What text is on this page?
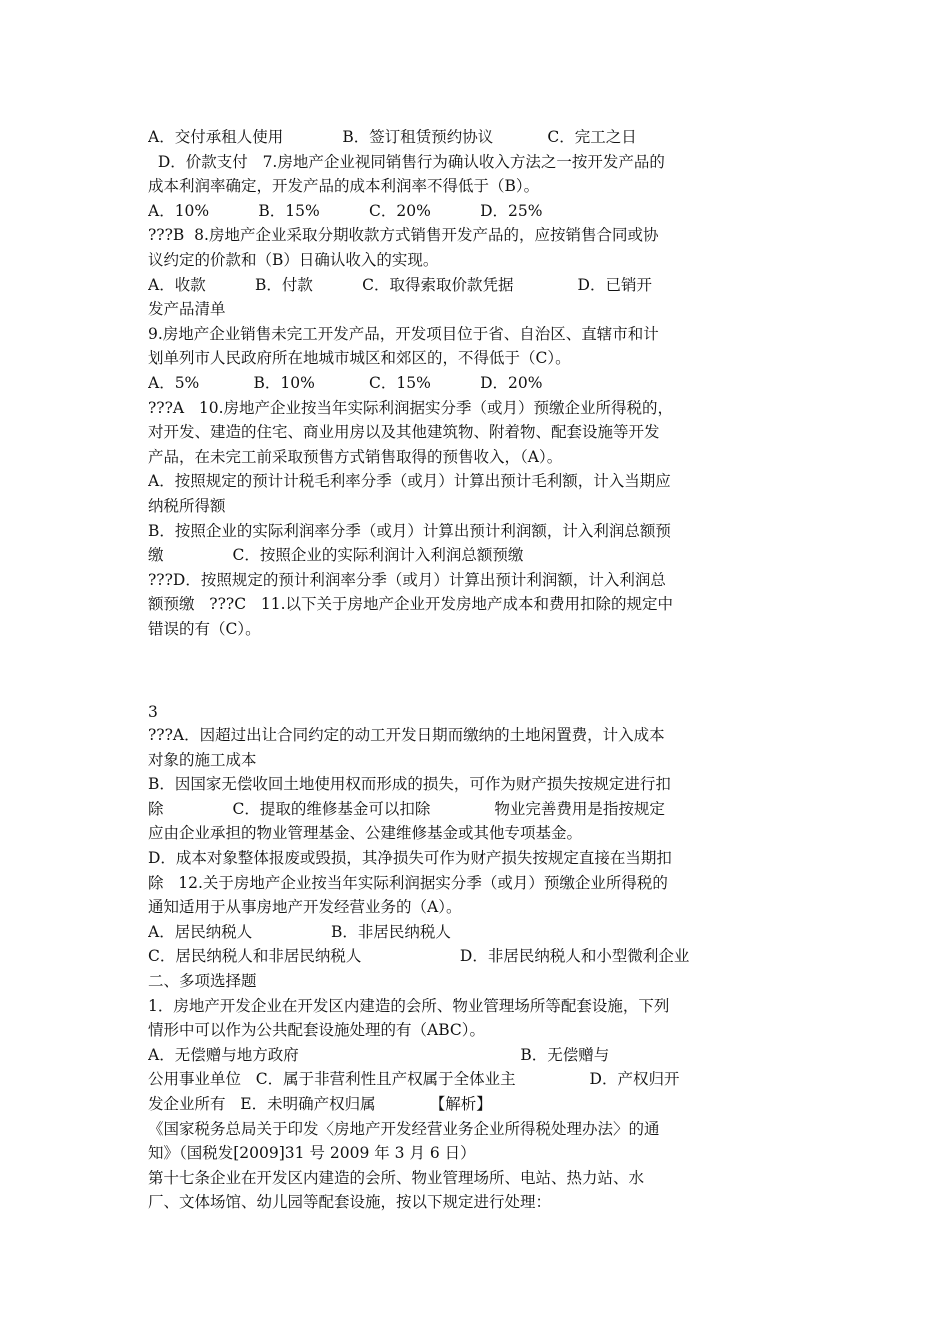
A．交付承租人使用            B．签订租赁预约协议           C．完工之日
D．价款支付   7.房地产企业视同销售行为确认收入方法之一按开发产品的
成本利润率确定，开发产品的成本利润率不得低于（B）。
A．10%          B．15%          C．20%          D．25%
???B  8.房地产企业采取分期收款方式销售开发产品的，应按销售合同或协
议约定的价款和（B）日确认收入的实现。
A．收款          B．付款          C．取得索取价款凭据             D．已销开
发产品清单
9.房地产企业销售未完工开发产品，开发项目位于省、自治区、直辖市和计
划单列市人民政府所在地城市城区和郊区的，不得低于（C）。
A．5%           B．10%           C．15%          D．20%
???A   10.房地产企业按当年实际利润据实分季（或月）预缴企业所得税的，
对开发、建造的住宅、商业用房以及其他建筑物、附着物、配套设施等开发
产品，在未完工前采取预售方式销售取得的预售收入，（A）。
A．按照规定的预计计税毛利率分季（或月）计算出预计毛利额，计入当期应
纳税所得额
B．按照企业的实际利润率分季（或月）计算出预计利润额，计入利润总额预
缴              C．按照企业的实际利润计入利润总额预缴
???D．按照规定的预计利润率分季（或月）计算出预计利润额，计入利润总
额预缴   ???C   11.以下关于房地产企业开发房地产成本和费用扣除的规定中
错误的有（C）。
3
???A．因超过出让合同约定的动工开发日期而缴纳的土地闲置费，计入成本
对象的施工成本
B．因国家无偿收回土地使用权而形成的损失，可作为财产损失按规定进行扣
除              C．提取的维修基金可以扣除             物业完善费用是指按规定
应由企业承担的物业管理基金、公建维修基金或其他专项基金。
D．成本对象整体报废或毁损，其净损失可作为财产损失按规定直接在当期扣
除   12.关于房地产企业按当年实际利润据实分季（或月）预缴企业所得税的
通知适用于从事房地产开发经营业务的（A）。
A．居民纳税人                B．非居民纳税人
C．居民纳税人和非居民纳税人                    D．非居民纳税人和小型微利企业
二、多项选择题
1．房地产开发企业在开发区内建造的会所、物业管理场所等配套设施，下列
情形中可以作为公共配套设施处理的有（ABC）。
A．无偿赠与地方政府                                             B．无偿赠与
公用事业单位   C．属于非营利性且产权属于全体业主               D．产权归开
发企业所有   E．未明确产权归属           【解析】
《国家税务总局关于印发〈房地产开发经营业务企业所得税处理办法〉的通
知》（国税发[2009]31 号 2009 年 3 月 6 日）
第十七条企业在开发区内建造的会所、物业管理场所、电站、热力站、水
厂、文体场馆、幼儿园等配套设施，按以下规定进行处理：
